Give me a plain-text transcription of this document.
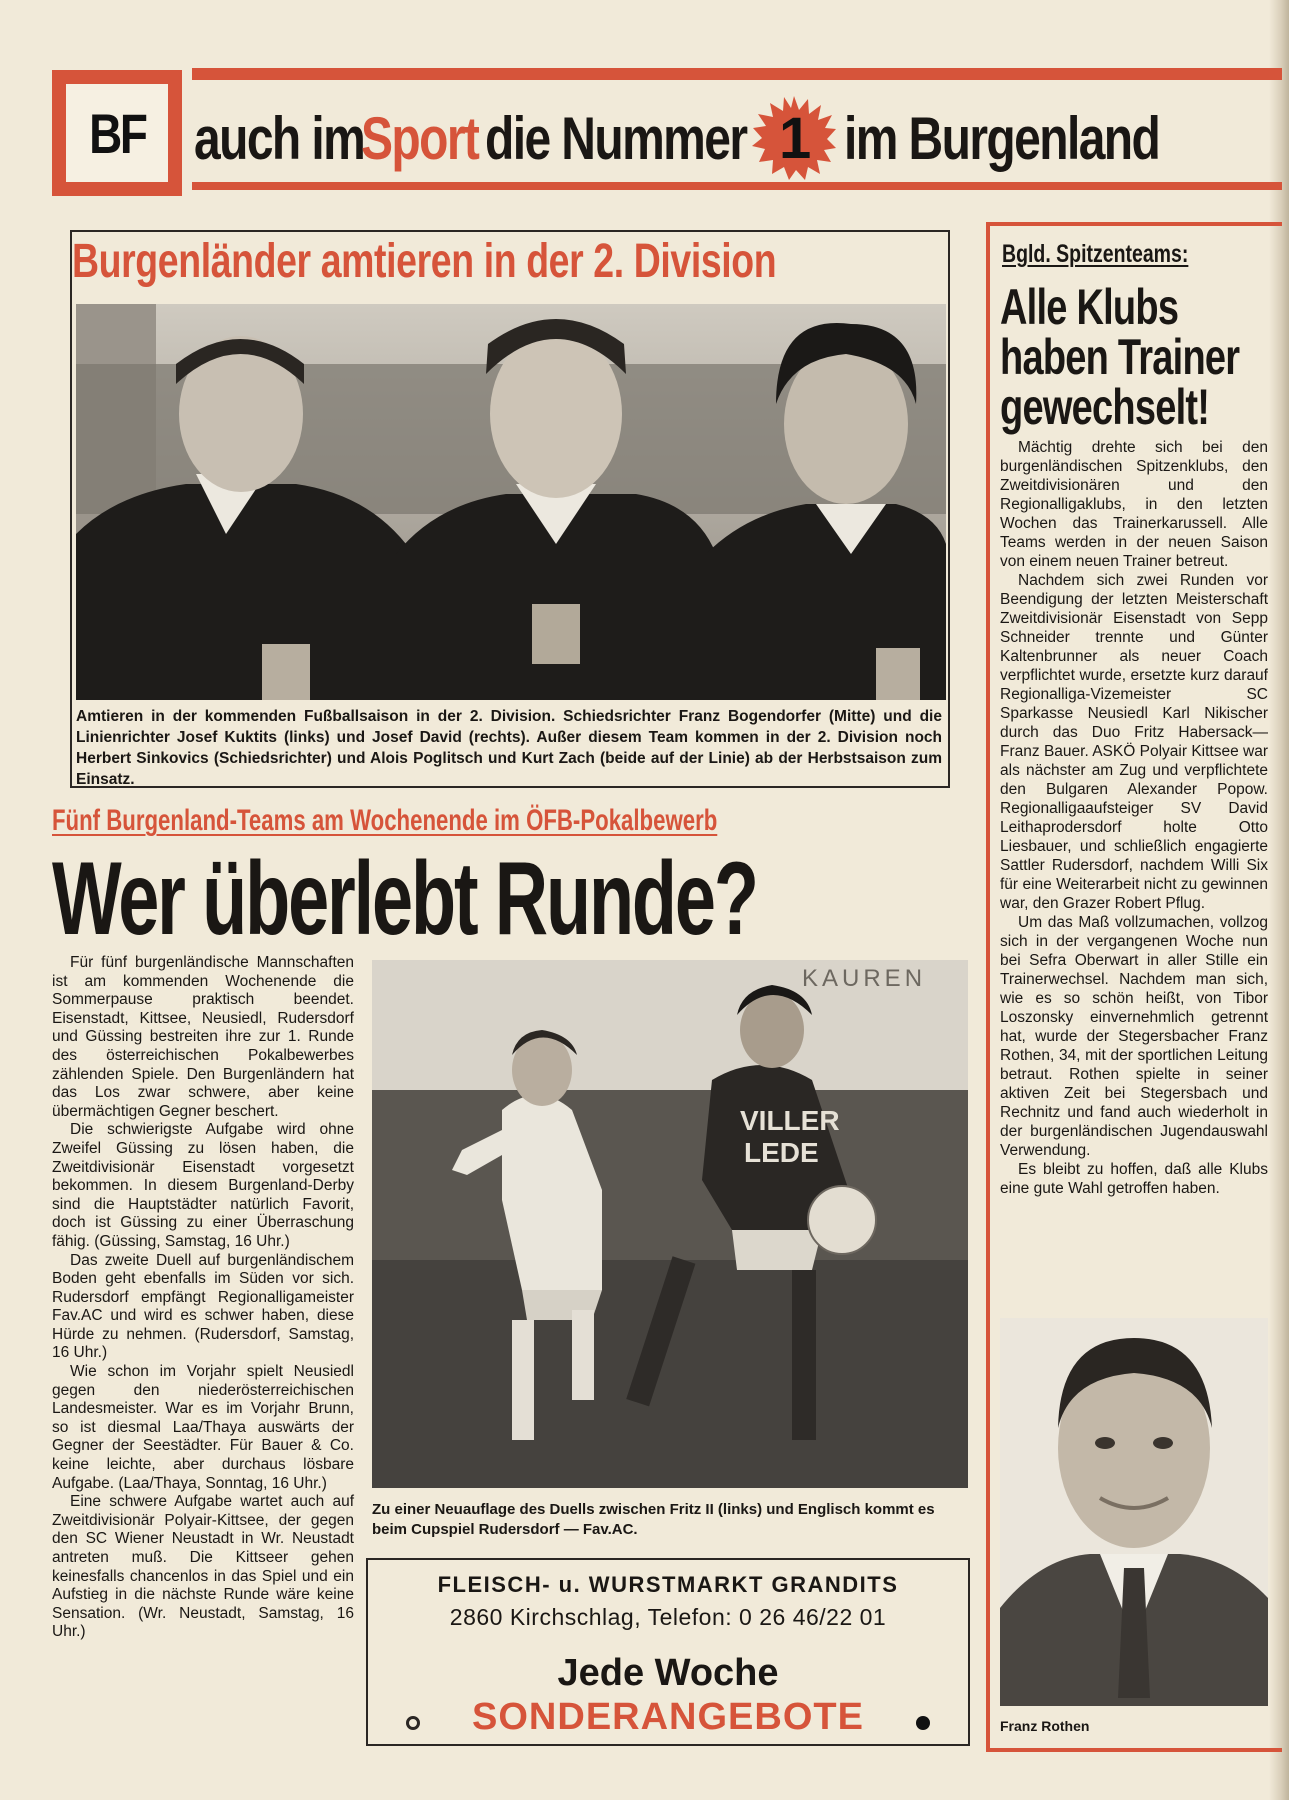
BF auch im
Sport die Nummer 1 im Burgenland
Burgenländer amtieren in der 2. Division
Amtieren in der kommenden Fußballsaison in der 2. Division. Schiedsrichter Franz Bogendorfer (Mitte) und die Linienrichter Josef Kuktits (links) und Josef David (rechts). Außer diesem Team kommen in der 2. Division noch Herbert Sinkovics (Schiedsrichter) und Alois Poglitsch und Kurt Zach (beide auf der Linie) ab der Herbstsaison zum Einsatz.
Fünf Burgenland-Teams am Wochenende im ÖFB-Pokalbewerb
Wer überlebt Runde?

Für fünf burgenländische Mannschaften ist am kommenden Wochenende die Sommerpause praktisch beendet. Eisenstadt, Kittsee, Neusiedl, Rudersdorf und Güssing bestreiten ihre zur 1. Runde des österreichischen Pokalbewerbes zählenden Spiele. Den Burgenländern hat das Los zwar schwere, aber keine übermächtigen Gegner beschert.

Die schwierigste Aufgabe wird ohne Zweifel Güssing zu lösen haben, die Zweitdivisionär Eisenstadt vorgesetzt bekommen. In diesem Burgenland-Derby sind die Hauptstädter natürlich Favorit, doch ist Güssing zu einer Überraschung fähig. (Güssing, Samstag, 16 Uhr.)

Das zweite Duell auf burgenländischem Boden geht ebenfalls im Süden vor sich. Rudersdorf empfängt Regionalligameister Fav.AC und wird es schwer haben, diese Hürde zu nehmen. (Rudersdorf, Samstag, 16 Uhr.)

Wie schon im Vorjahr spielt Neusiedl gegen den niederösterreichischen Landesmeister. War es im Vorjahr Brunn, so ist diesmal Laa/Thaya auswärts der Gegner der Seestädter. Für Bauer & Co. keine leichte, aber durchaus lösbare Aufgabe. (Laa/Thaya, Sonntag, 16 Uhr.)

Eine schwere Aufgabe wartet auch auf Zweitdivisionär Polyair-Kittsee, der gegen den SC Wiener Neustadt in Wr. Neustadt antreten muß. Die Kittseer gehen keinesfalls chancenlos in das Spiel und ein Aufstieg in die nächste Runde wäre keine Sensation. (Wr. Neustadt, Samstag, 16 Uhr.)

KAUREN
VILLER
LEDE
Zu einer Neuauflage des Duells zwischen Fritz II (links) und Englisch kommt es beim Cupspiel Rudersdorf — Fav.AC.
FLEISCH- u. WURSTMARKT GRANDITS
2860 Kirchschlag, Telefon: 0 26 46/22 01
Jede Woche
SONDERANGEBOTE
Bgld. Spitzenteams:
Alle Klubs
haben Trainer
gewechselt!

Mächtig drehte sich bei den burgenländischen Spitzenklubs, den Zweitdivisionären und den Regionalligaklubs, in den letzten Wochen das Trainerkarussell. Alle Teams werden in der neuen Saison von einem neuen Trainer betreut.

Nachdem sich zwei Runden vor Beendigung der letzten Meisterschaft Zweitdivisionär Eisenstadt von Sepp Schneider trennte und Günter Kaltenbrunner als neuer Coach verpflichtet wurde, ersetzte kurz darauf Regionalliga-Vizemeister SC Sparkasse Neusiedl Karl Nikischer durch das Duo Fritz Habersack—Franz Bauer. ASKÖ Polyair Kittsee war als nächster am Zug und verpflichtete den Bulgaren Alexander Popow. Regionalligaaufsteiger SV David Leithaprodersdorf holte Otto Liesbauer, und schließlich engagierte Sattler Rudersdorf, nachdem Willi Six für eine Weiterarbeit nicht zu gewinnen war, den Grazer Robert Pflug.

Um das Maß vollzumachen, vollzog sich in der vergangenen Woche nun bei Sefra Oberwart in aller Stille ein Trainerwechsel. Nachdem man sich, wie es so schön heißt, von Tibor Loszonsky einvernehmlich getrennt hat, wurde der Stegersbacher Franz Rothen, 34, mit der sportlichen Leitung betraut. Rothen spielte in seiner aktiven Zeit bei Stegersbach und Rechnitz und fand auch wiederholt in der burgenländischen Jugendauswahl Verwendung.

Es bleibt zu hoffen, daß alle Klubs eine gute Wahl getroffen haben.

Franz Rothen
